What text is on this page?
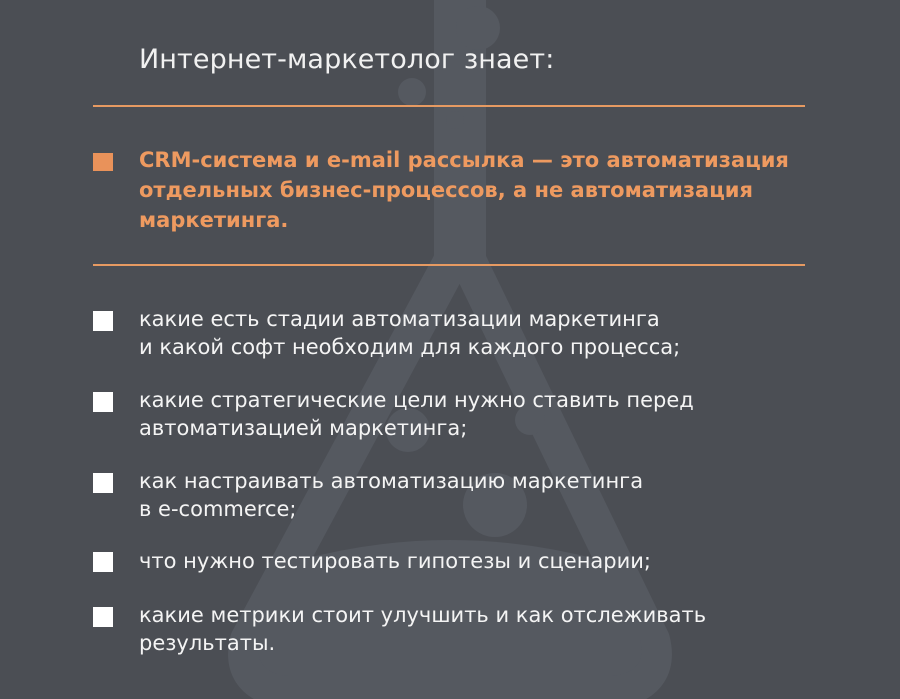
Интернет-маркетолог знает:
CRM-система и e-mail рассылка — это автоматизация
отдельных бизнес-процессов, а не автоматизация
маркетинга.
какие есть стадии автоматизации маркетинга
и какой софт необходим для каждого процесса;
какие стратегические цели нужно ставить перед
автоматизацией маркетинга;
как настраивать автоматизацию маркетинга
в e-commerce;
что нужно тестировать гипотезы и сценарии;
какие метрики стоит улучшить и как отслеживать
результаты.
